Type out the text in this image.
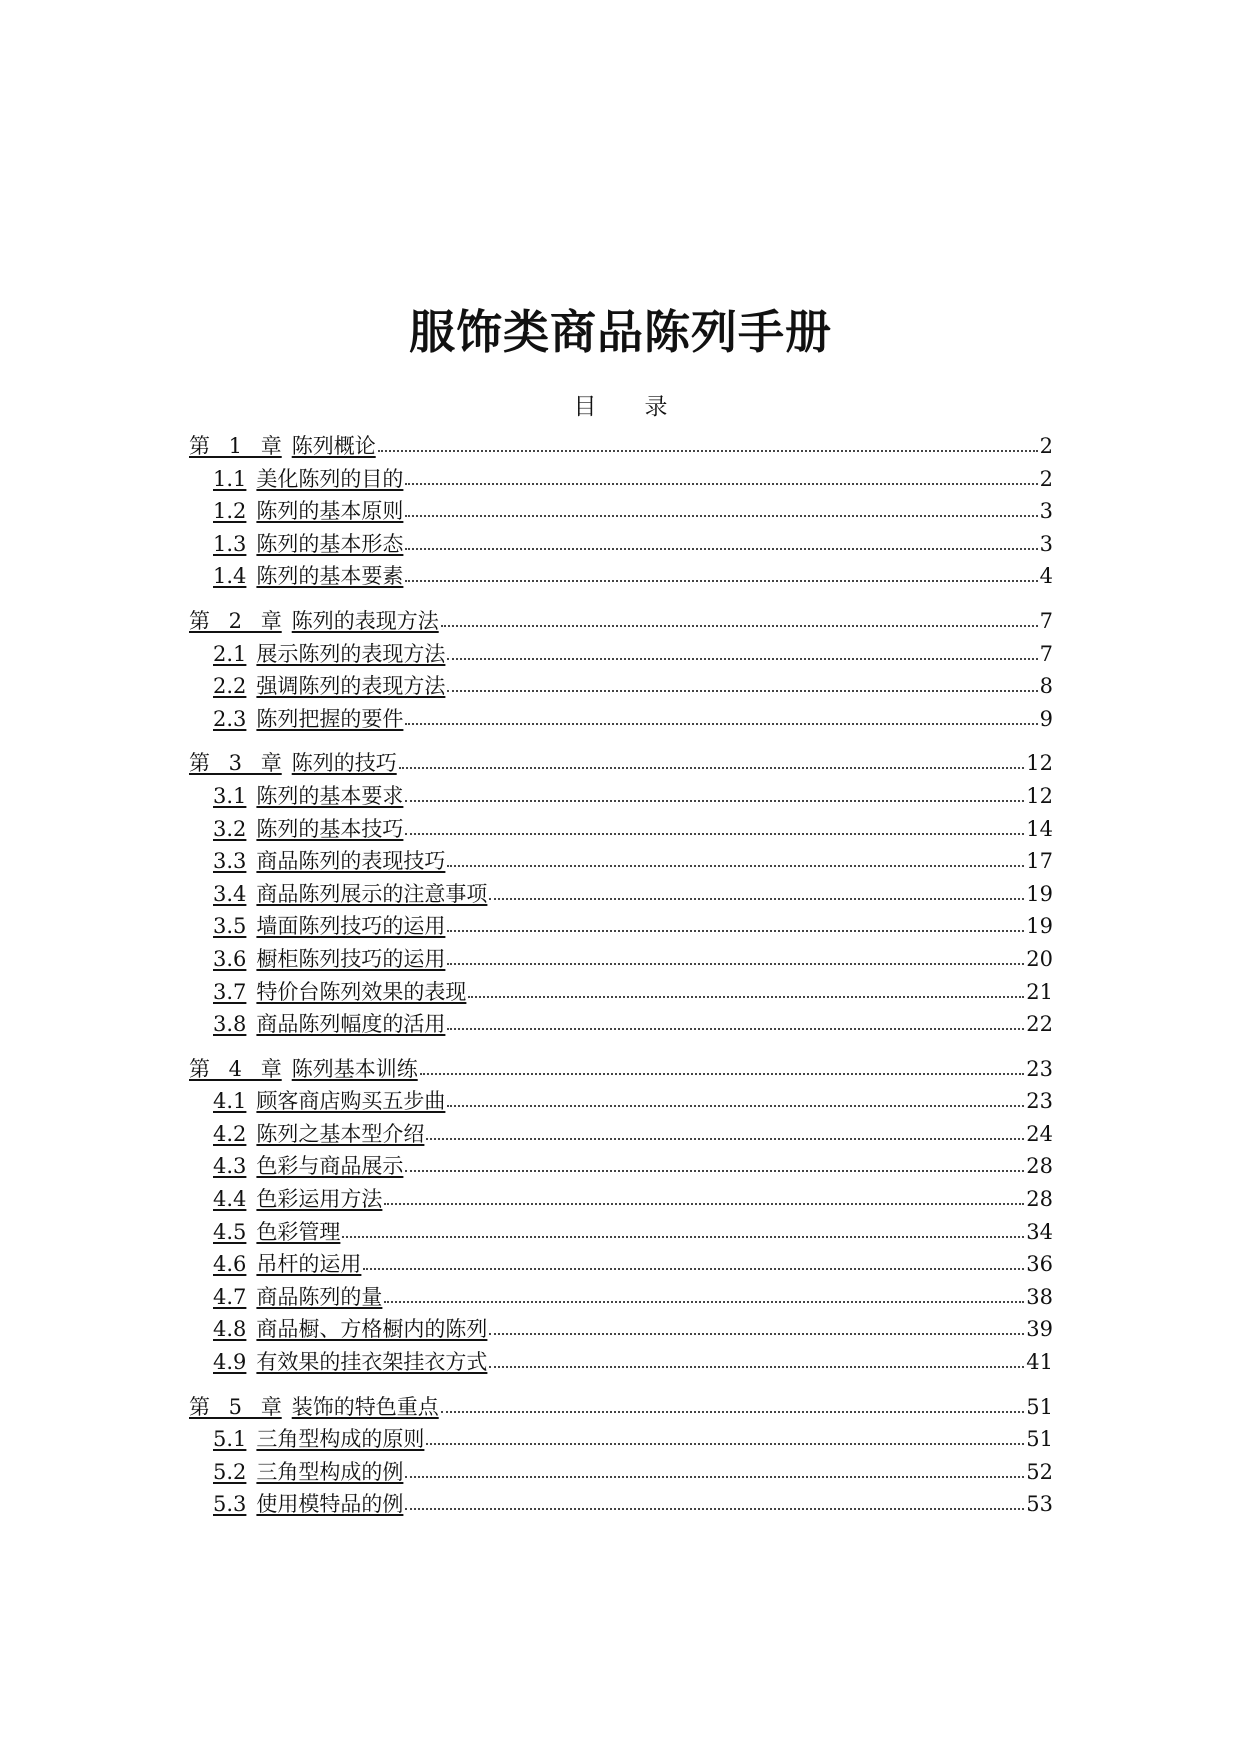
服饰类商品陈列手册
目录
第 1 章 陈列概论	2
1.1 美化陈列的目的	2
1.2 陈列的基本原则	3
1.3 陈列的基本形态	3
1.4 陈列的基本要素	4
第 2 章 陈列的表现方法	7
2.1 展示陈列的表现方法	7
2.2 强调陈列的表现方法	8
2.3 陈列把握的要件	9
第 3 章 陈列的技巧	12
3.1 陈列的基本要求	12
3.2 陈列的基本技巧	14
3.3 商品陈列的表现技巧	17
3.4 商品陈列展示的注意事项	19
3.5 墙面陈列技巧的运用	19
3.6 橱柜陈列技巧的运用	20
3.7 特价台陈列效果的表现	21
3.8 商品陈列幅度的活用	22
第 4 章 陈列基本训练	23
4.1 顾客商店购买五步曲	23
4.2 陈列之基本型介绍	24
4.3 色彩与商品展示	28
4.4 色彩运用方法	28
4.5 色彩管理	34
4.6 吊杆的运用	36
4.7 商品陈列的量	38
4.8 商品橱、方格橱内的陈列	39
4.9 有效果的挂衣架挂衣方式	41
第 5 章 装饰的特色重点	51
5.1 三角型构成的原则	51
5.2 三角型构成的例	52
5.3 使用模特品的例	53
